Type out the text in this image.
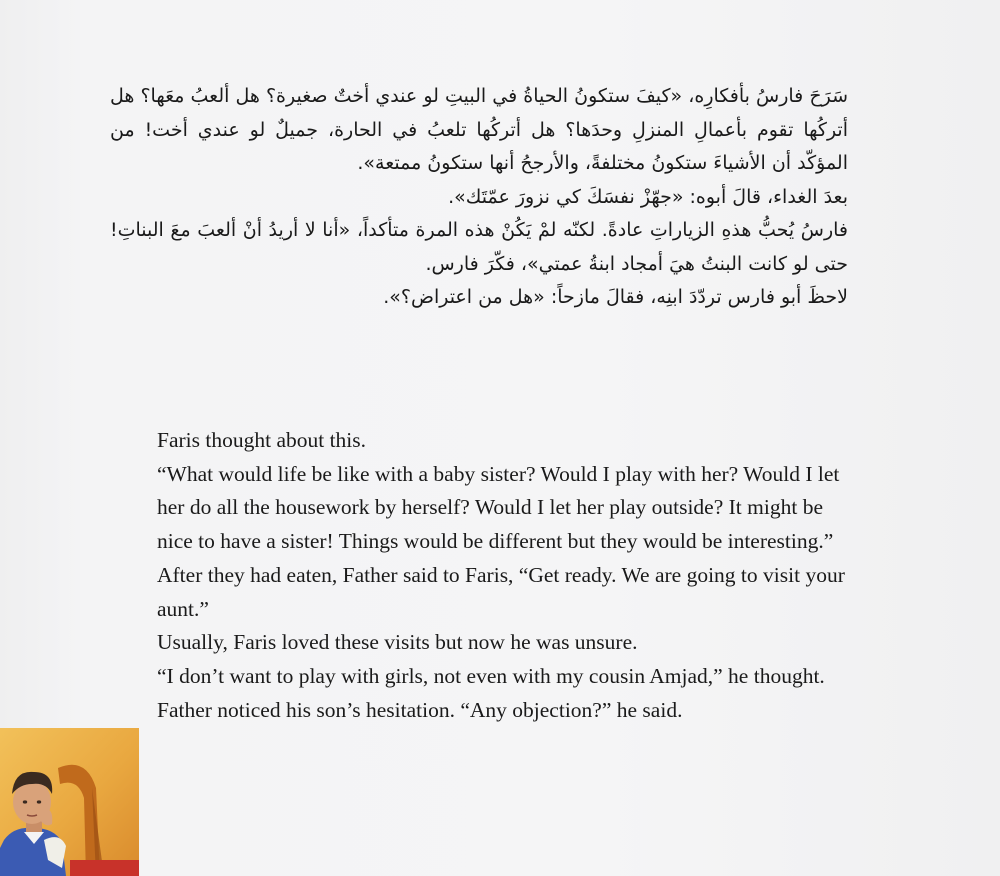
سَرَحَ فارسُ بأفكارِه، «كيفَ ستكونُ الحياةُ في البيتِ لو عندي أختٌ صغيرة؟ هل ألعبُ معَها؟ هل أتركُها تقوم بأعمالِ المنزلِ وحدَها؟ هل أتركُها تلعبُ في الحارة، جميلٌ لو عندي أخت! من المؤكّد أن الأشياءَ ستكونُ مختلفةً، والأرجحُ أنها ستكونُ ممتعة».

بعدَ الغداء، قالَ أبوه: «جهّزْ نفسَكَ كي نزورَ عمّتَك».

فارسُ يُحبُّ هذهِ الزياراتِ عادةً. لكنّه لمْ يَكُنْ هذه المرة متأكداً، «أنا لا أريدُ أنْ ألعبَ معَ البناتِ! حتى لو كانت البنتُ هيَ أمجاد ابنةُ عمتي»، فكّرَ فارس.

لاحظَ أبو فارس تردّدَ ابنِه، فقالَ مازحاً: «هل من اعتراض؟».

Faris thought about this.

“What would life be like with a baby sister? Would I play with her? Would I let her do all the housework by herself? Would I let her play outside? It might be nice to have a sister! Things would be different but they would be interesting.”

After they had eaten, Father said to Faris, “Get ready. We are going to visit your aunt.”

Usually, Faris loved these visits but now he was unsure.

“I don’t want to play with girls, not even with my cousin Amjad,” he thought.

Father noticed his son’s hesitation. “Any objection?” he said.
